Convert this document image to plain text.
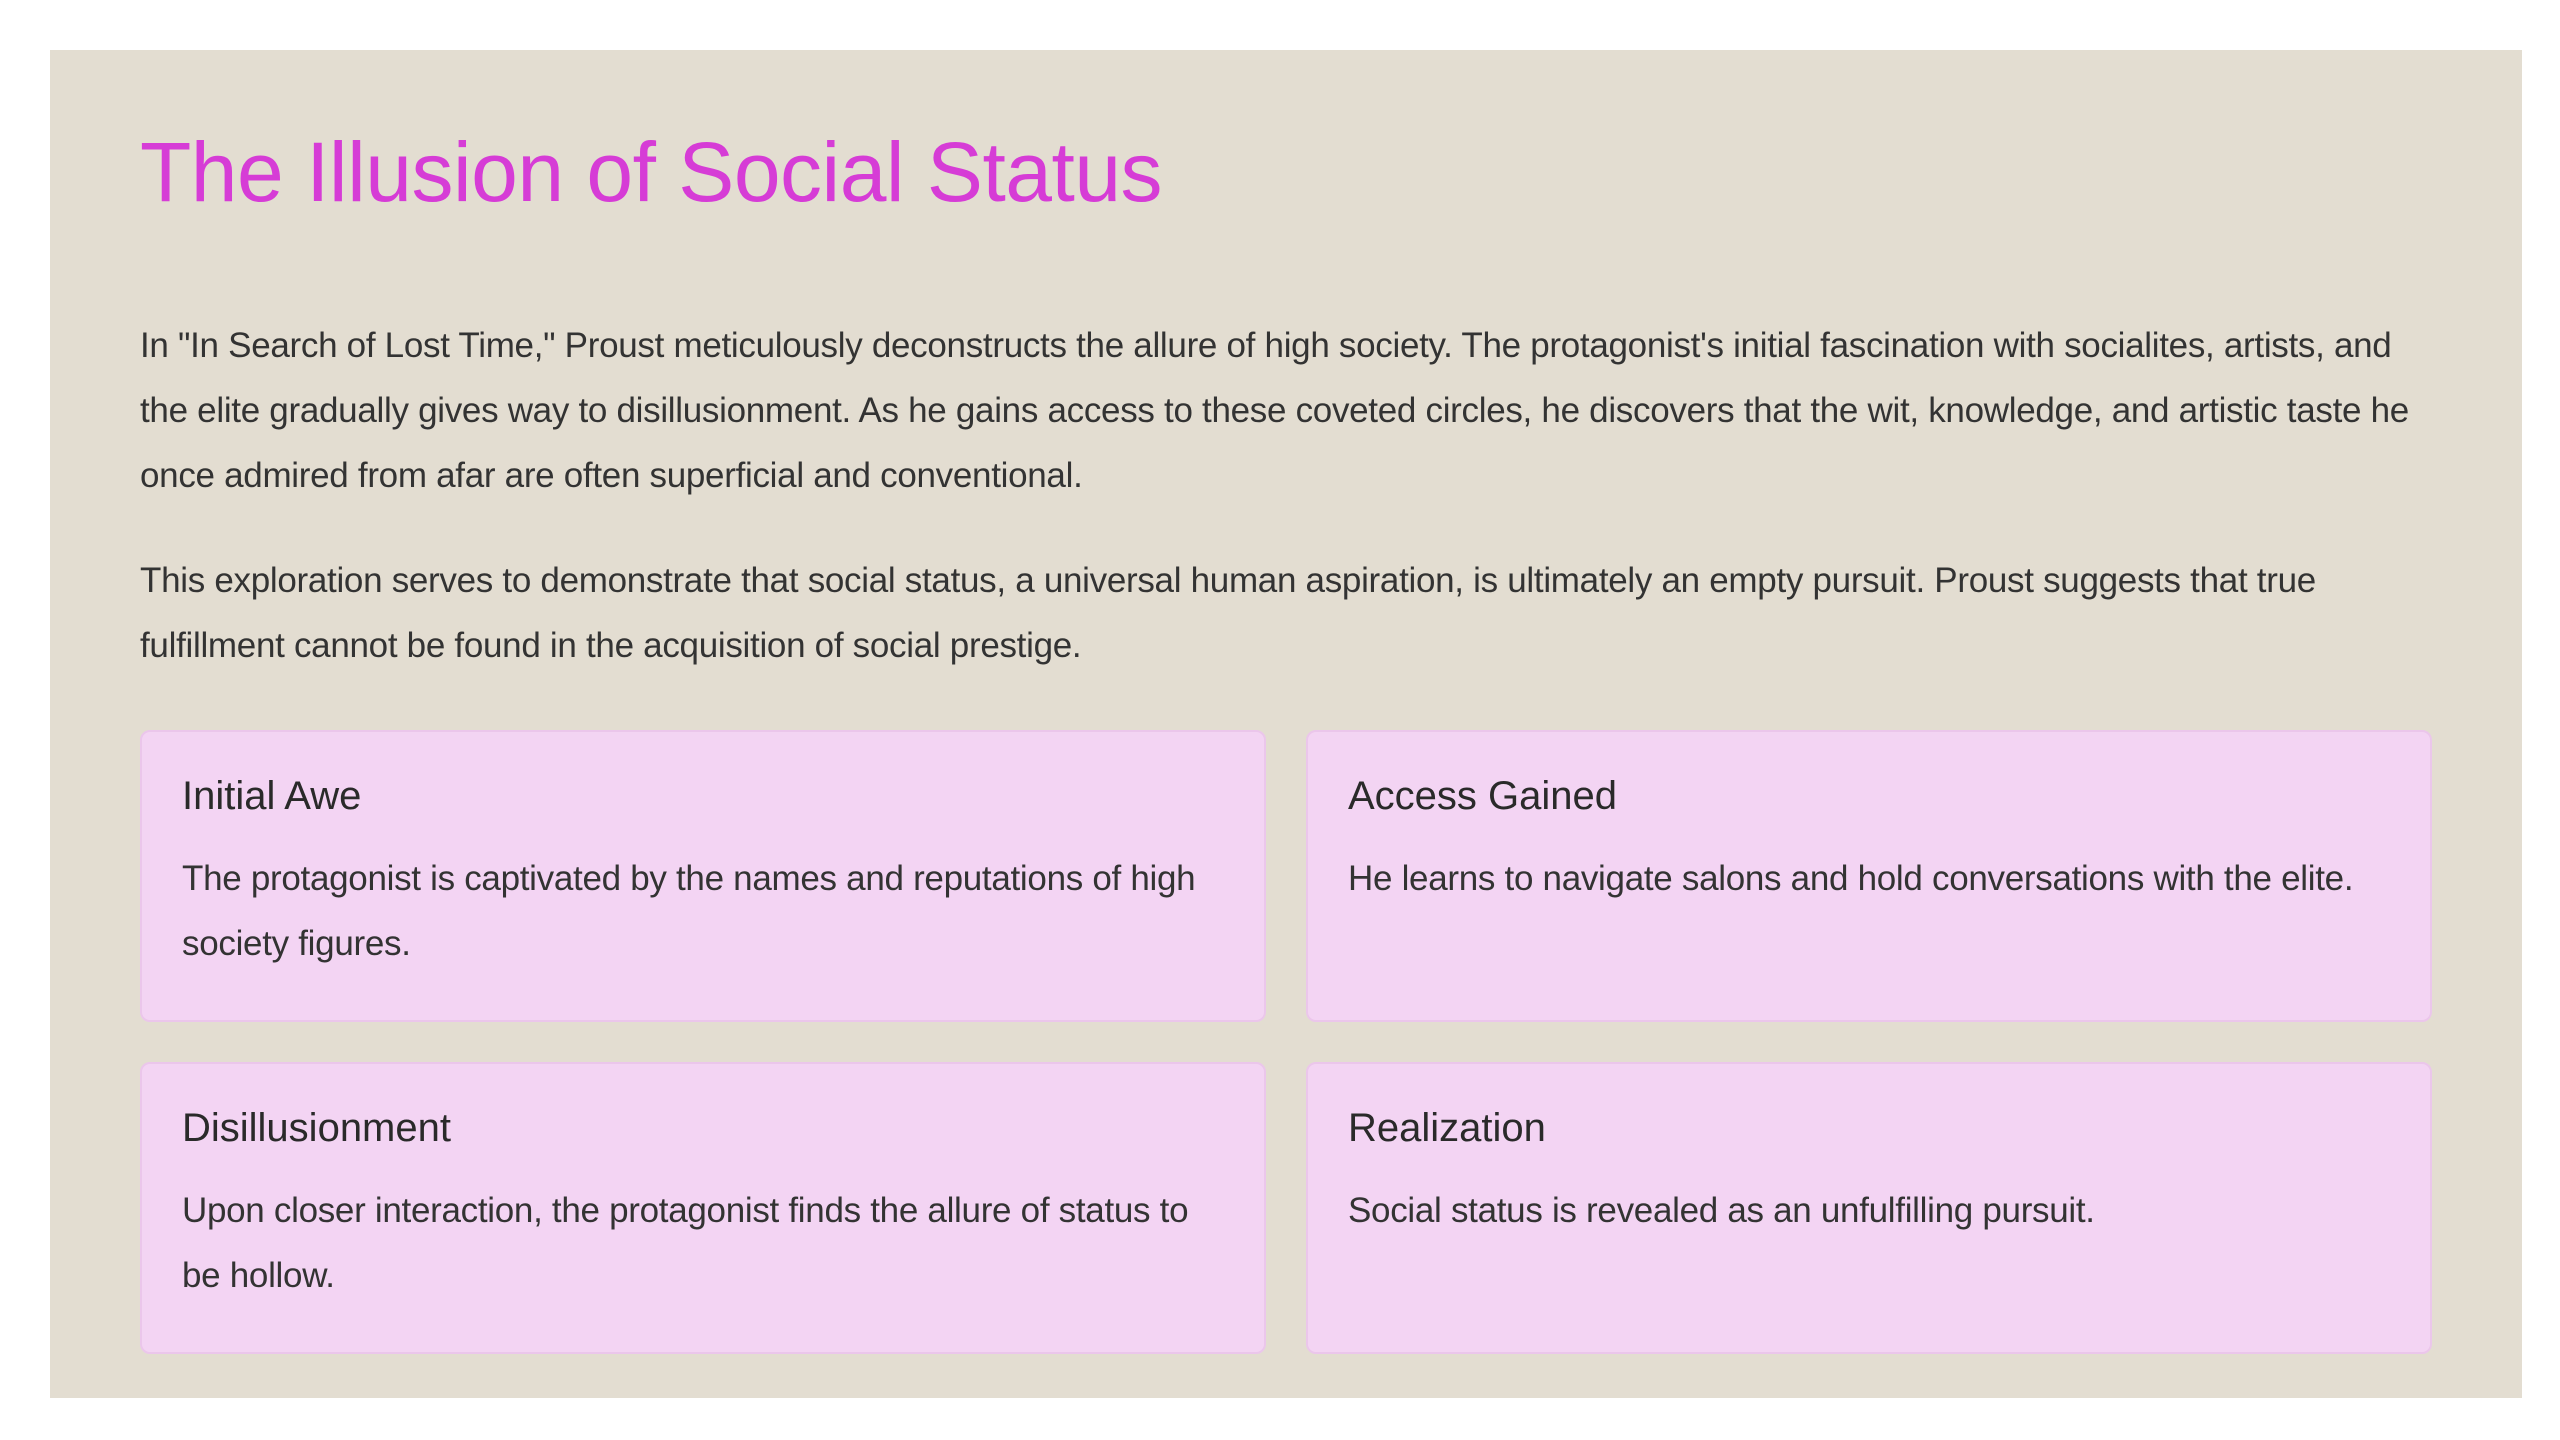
The Illusion of Social Status

In "In Search of Lost Time," Proust meticulously deconstructs the allure of high society. The protagonist's initial fascination with socialites, artists, and the elite gradually gives way to disillusionment. As he gains access to these coveted circles, he discovers that the wit, knowledge, and artistic taste he once admired from afar are often superficial and conventional.

This exploration serves to demonstrate that social status, a universal human aspiration, is ultimately an empty pursuit. Proust suggests that true fulfillment cannot be found in the acquisition of social prestige.

Initial Awe

The protagonist is captivated by the names and reputations of high society figures.

Access Gained

He learns to navigate salons and hold conversations with the elite.

Disillusionment

Upon closer interaction, the protagonist finds the allure of status to be hollow.

Realization

Social status is revealed as an unfulfilling pursuit.
